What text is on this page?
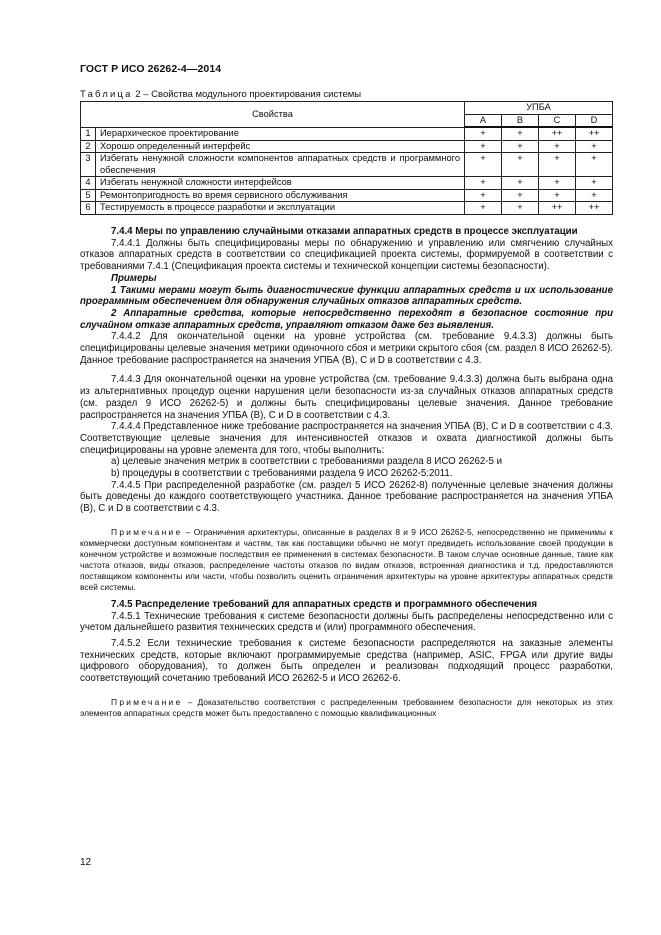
ГОСТ Р ИСО 26262-4—2014
Таблица 2 – Свойства модульного проектирования системы
Свойства		УПБА			
		A	B	C	D
1	Иерархическое проектирование	+	+	++	++
2	Хорошо определенный интерфейс	+	+	+	+
3	Избегать ненужной сложности компонентов аппаратных средств и программного обеспечения	+	+	+	+
4	Избегать ненужной сложности интерфейсов	+	+	+	+
5	Ремонтопригодность во время сервисного обслуживания	+	+	+	+
6	Тестируемость в процессе разработки и эксплуатации	+	+	++	++

7.4.4 Меры по управлению случайными отказами аппаратных средств в процессе эксплуатации

7.4.4.1 Должны быть специфицированы меры по обнаружению и управлению или смягчению случайных отказов аппаратных средств в соответствии со спецификацией проекта системы, формируемой в соответствии с требованиями 7.4.1 (Спецификация проекта системы и технической концепции системы безопасности).

Примеры

1 Такими мерами могут быть диагностические функции аппаратных средств и их использование программным обеспечением для обнаружения случайных отказов аппаратных средств.

2 Аппаратные средства, которые непосредственно переходят в безопасное состояние при случайном отказе аппаратных средств, управляют отказом даже без выявления.

7.4.4.2 Для окончательной оценки на уровне устройства (см. требование 9.4.3.3) должны быть специфицированы целевые значения метрики одиночного сбоя и метрики скрытого сбоя (см. раздел 8 ИСО 26262-5). Данное требование распространяется на значения УПБА (B), C и D в соответствии с 4.3.

7.4.4.3 Для окончательной оценки на уровне устройства (см. требование 9.4.3.3) должна быть выбрана одна из альтернативных процедур оценки нарушения цели безопасности из-за случайных отказов аппаратных средств (см. раздел 9 ИСО 26262-5) и должны быть специфицированы целевые значения. Данное требование распространяется на значения УПБА (B), C и D в соответствии с 4.3.

7.4.4.4 Представленное ниже требование распространяется на значения УПБА (B), C и D в соответствии с 4.3. Соответствующие целевые значения для интенсивностей отказов и охвата диагностикой должны быть специфицированы на уровне элемента для того, чтобы выполнить:

a) целевые значения метрик в соответствии с требованиями раздела 8 ИСО 26262-5 и

b) процедуры в соответствии с требованиями раздела 9 ИСО 26262-5:2011.

7.4.4.5 При распределенной разработке (см. раздел 5 ИСО 26262-8) полученные целевые значения должны быть доведены до каждого соответствующего участника. Данное требование распространяется на значения УПБА (B), C и D в соответствии с 4.3.

Примечание – Ограничения архитектуры, описанные в разделах 8 и 9 ИСО 26262-5, непосредственно не применимы к коммерчески доступным компонентам и частям, так как поставщики обычно не могут предвидеть использование своей продукции в конечном устройстве и возможные последствия ее применения в системах безопасности. В таком случае основные данные, такие как частота отказов, виды отказов, распределение частоты отказов по видам отказов, встроенная диагностика и т.д. предоставляются поставщиком компоненты или части, чтобы позволить оценить ограничения архитектуры на уровне архитектуры аппаратных средств всей системы.

7.4.5 Распределение требований для аппаратных средств и программного обеспечения

7.4.5.1 Технические требования к системе безопасности должны быть распределены непосредственно или с учетом дальнейшего развития технических средств и (или) программного обеспечения.

7.4.5.2 Если технические требования к системе безопасности распределяются на заказные элементы технических средств, которые включают программируемые средства (например, ASIC, FPGA или другие виды цифрового оборудования), то должен быть определен и реализован подходящий процесс разработки, соответствующий сочетанию требований ИСО 26262-5 и ИСО 26262-6.

Примечание – Доказательство соответствия с распределенным требованием безопасности для некоторых из этих элементов аппаратных средств может быть предоставлено с помощью квалификационных

12
